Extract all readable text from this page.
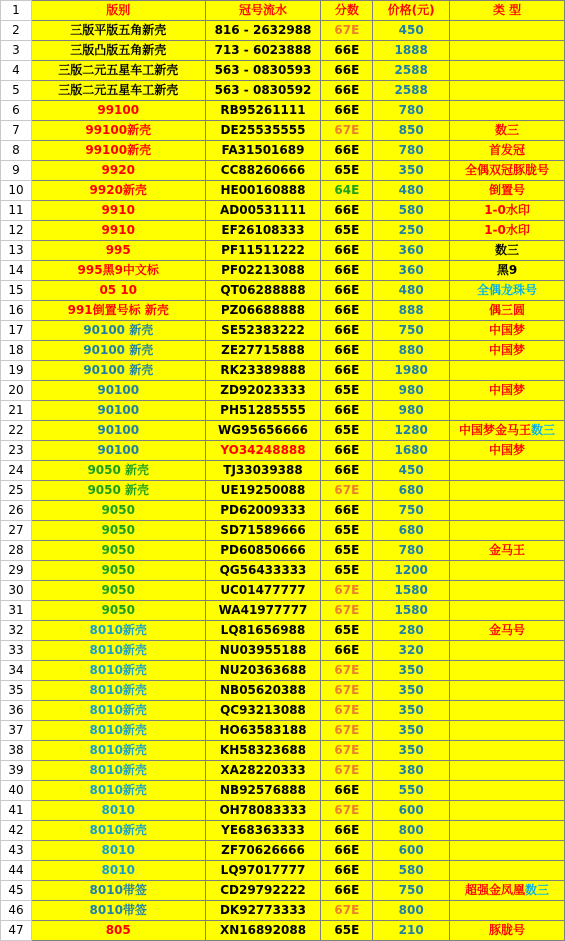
1	版别	冠号流水	分数	价格(元)	类 型
2	三版平版五角新壳	816 - 2632988	67E	450	
3	三版凸版五角新壳	713 - 6023888	66E	1888	
4	三版二元五星车工新壳	563 - 0830593	66E	2588	
5	三版二元五星车工新壳	563 - 0830592	66E	2588	
6	99100	RB95261111	66E	780	
7	99100新壳	DE25535555	67E	850	数三
8	99100新壳	FA31501689	66E	780	首发冠
9	9920	CC88260666	65E	350	全偶双冠豚胧号
10	9920新壳	HE00160888	64E	480	倒置号
11	9910	AD00531111	66E	580	1-0水印
12	9910	EF26108333	65E	250	1-0水印
13	995	PF11511222	66E	360	数三
14	995黑9中文标	PF02213088	66E	360	黑9
15	05 10	QT06288888	66E	480	全偶龙珠号
16	991倒置号标 新壳	PZ06688888	66E	888	偶三圆
17	90100 新壳	SE52383222	66E	750	中国梦
18	90100 新壳	ZE27715888	66E	880	中国梦
19	90100 新壳	RK23389888	66E	1980	
20	90100	ZD92023333	65E	980	中国梦
21	90100	PH51285555	66E	980	
22	90100	WG95656666	65E	1280	中国梦金马王数三
23	90100	YO34248888	66E	1680	中国梦
24	9050 新壳	TJ33039388	66E	450	
25	9050 新壳	UE19250088	67E	680	
26	9050	PD62009333	66E	750	
27	9050	SD71589666	65E	680	
28	9050	PD60850666	65E	780	金马王
29	9050	QG56433333	65E	1200	
30	9050	UC01477777	67E	1580	
31	9050	WA41977777	67E	1580	
32	8010新壳	LQ81656988	65E	280	金马号
33	8010新壳	NU03955188	66E	320	
34	8010新壳	NU20363688	67E	350	
35	8010新壳	NB05620388	67E	350	
36	8010新壳	QC93213088	67E	350	
37	8010新壳	HO63583188	67E	350	
38	8010新壳	KH58323688	67E	350	
39	8010新壳	XA28220333	67E	380	
40	8010新壳	NB92576888	66E	550	
41	8010	OH78083333	67E	600	
42	8010新壳	YE68363333	66E	800	
43	8010	ZF70626666	66E	600	
44	8010	LQ97017777	66E	580	
45	8010带签	CD29792222	66E	750	超强金凤凰数三
46	8010带签	DK92773333	67E	800	
47	805	XN16892088	65E	210	豚胧号
